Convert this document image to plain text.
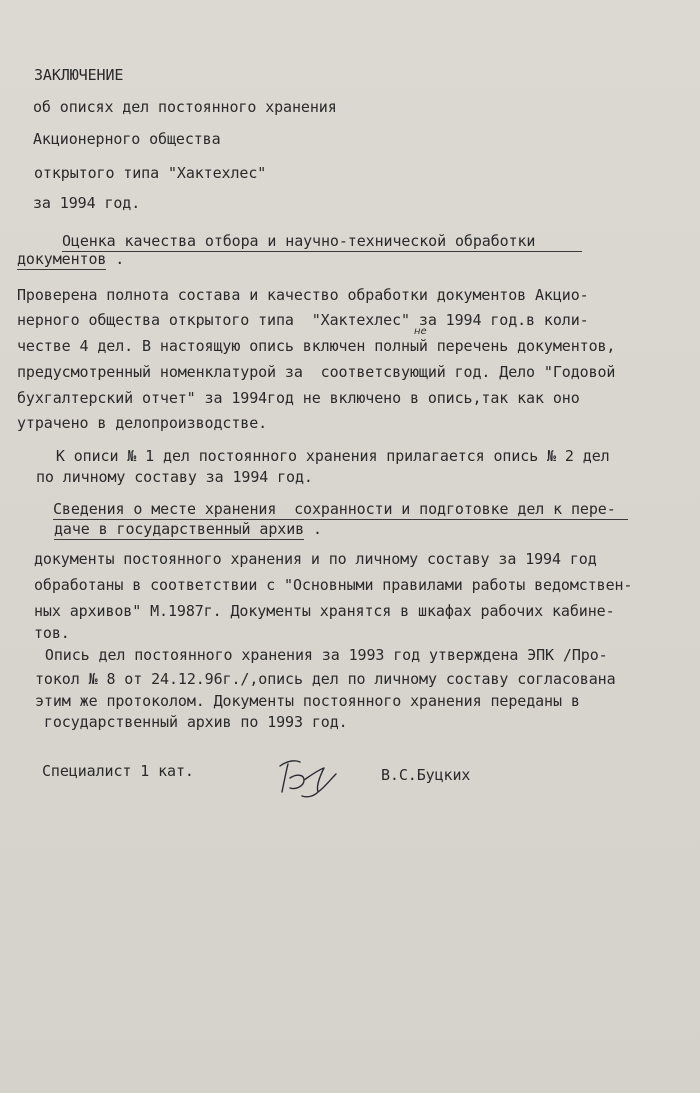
ЗАКЛЮЧЕНИЕ
об описях дел постоянного хранения
Акционерного общества
открытого типа "Хактехлес"
за 1994 год.
Оценка качества отбора и научно-технической обработки
документов .
Проверена полнота состава и качество обработки документов Акцио-
нерного общества открытого типа  "Хактехлес" за 1994 год.в коли-
честве 4 дел. В настоящую опись включен полный перечень документов,
не
предусмотренный номенклатурой за  соответсвующий год. Дело "Годовой
бухгалтерский отчет" за 1994год не включено в опись,так как оно
утрачено в делопроизводстве.
К описи № 1 дел постоянного хранения прилагается опись № 2 дел
по личному составу за 1994 год.
Сведения о месте хранения  сохранности и подготовке дел к пере-
даче в государственный архив .
документы постоянного хранения и по личному составу за 1994 год
обработаны в соответствии с "Основными правилами работы ведомствен-
ных архивов" М.1987г. Документы хранятся в шкафах рабочих кабине-
тов.
Опись дел постоянного хранения за 1993 год утверждена ЭПК /Про-
токол № 8 от 24.12.96г./,опись дел по личному составу согласована
этим же протоколом. Документы постоянного хранения переданы в
государственный архив по 1993 год.
Специалист 1 кат.	В.С.Буцких
